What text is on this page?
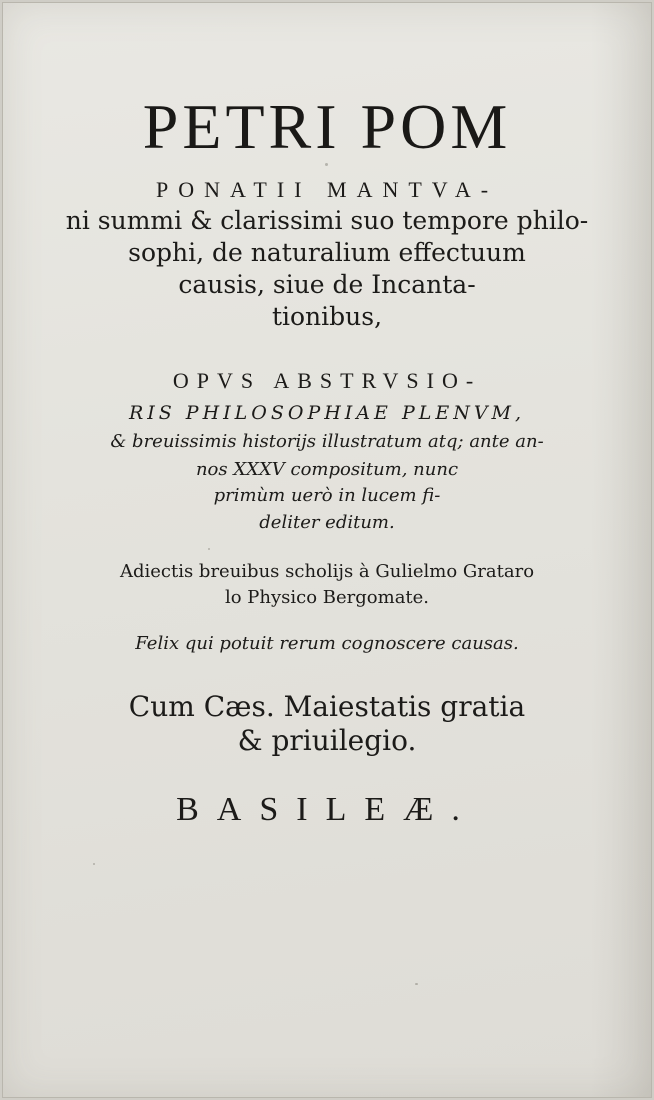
PETRI POM
PONATII MANTVA-
ni summi & clarissimi suo tempore philo-
sophi, de naturalium effectuum
causis, siue de Incanta-
tionibus,
OPVS ABSTRVSIO-
RIS PHILOSOPHIAE PLENVM,
& breuissimis historijs illustratum atq; ante an-
nos XXXV compositum, nunc
primùm uerò in lucem fi-
deliter editum.
Adiectis breuibus scholijs à Gulielmo Grataro
lo Physico Bergomate.
Felix qui potuit rerum cognoscere causas.
Cum Cæs. Maiestatis gratia
& priuilegio.
BASILEÆ.
